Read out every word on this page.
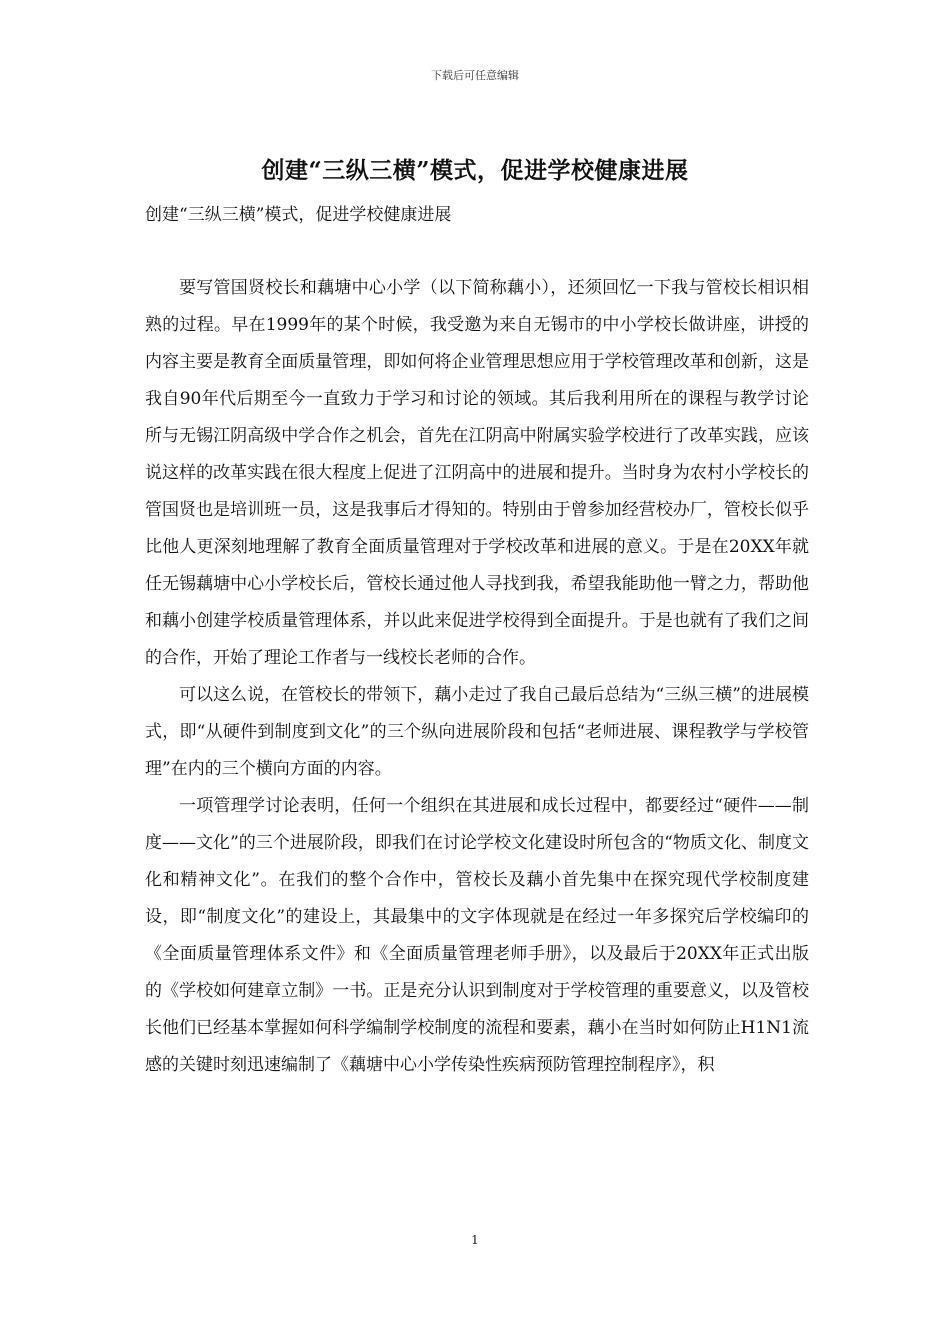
下载后可任意编辑
创建“三纵三横”模式，促进学校健康进展
创建“三纵三横”模式，促进学校健康进展

要写管国贤校长和藕塘中心小学（以下简称藕小），还须回忆一下我与管校长相识相熟的过程。早在1999年的某个时候，我受邀为来自无锡市的中小学校长做讲座，讲授的内容主要是教育全面质量管理，即如何将企业管理思想应用于学校管理改革和创新，这是我自90年代后期至今一直致力于学习和讨论的领域。其后我利用所在的课程与教学讨论所与无锡江阴高级中学合作之机会，首先在江阴高中附属实验学校进行了改革实践，应该说这样的改革实践在很大程度上促进了江阴高中的进展和提升。当时身为农村小学校长的管国贤也是培训班一员，这是我事后才得知的。特别由于曾参加经营校办厂，管校长似乎比他人更深刻地理解了教育全面质量管理对于学校改革和进展的意义。于是在20XX年就任无锡藕塘中心小学校长后，管校长通过他人寻找到我，希望我能助他一臂之力，帮助他和藕小创建学校质量管理体系，并以此来促进学校得到全面提升。于是也就有了我们之间的合作，开始了理论工作者与一线校长老师的合作。

可以这么说，在管校长的带领下，藕小走过了我自己最后总结为“三纵三横”的进展模式，即“从硬件到制度到文化”的三个纵向进展阶段和包括“老师进展、课程教学与学校管理”在内的三个横向方面的内容。

一项管理学讨论表明，任何一个组织在其进展和成长过程中，都要经过“硬件——制度——文化”的三个进展阶段，即我们在讨论学校文化建设时所包含的“物质文化、制度文化和精神文化”。在我们的整个合作中，管校长及藕小首先集中在探究现代学校制度建设，即“制度文化”的建设上，其最集中的文字体现就是在经过一年多探究后学校编印的《全面质量管理体系文件》和《全面质量管理老师手册》，以及最后于20XX年正式出版的《学校如何建章立制》一书。正是充分认识到制度对于学校管理的重要意义，以及管校长他们已经基本掌握如何科学编制学校制度的流程和要素，藕小在当时如何防止H1N1流感的关键时刻迅速编制了《藕塘中心小学传染性疾病预防管理控制程序》，积

1
